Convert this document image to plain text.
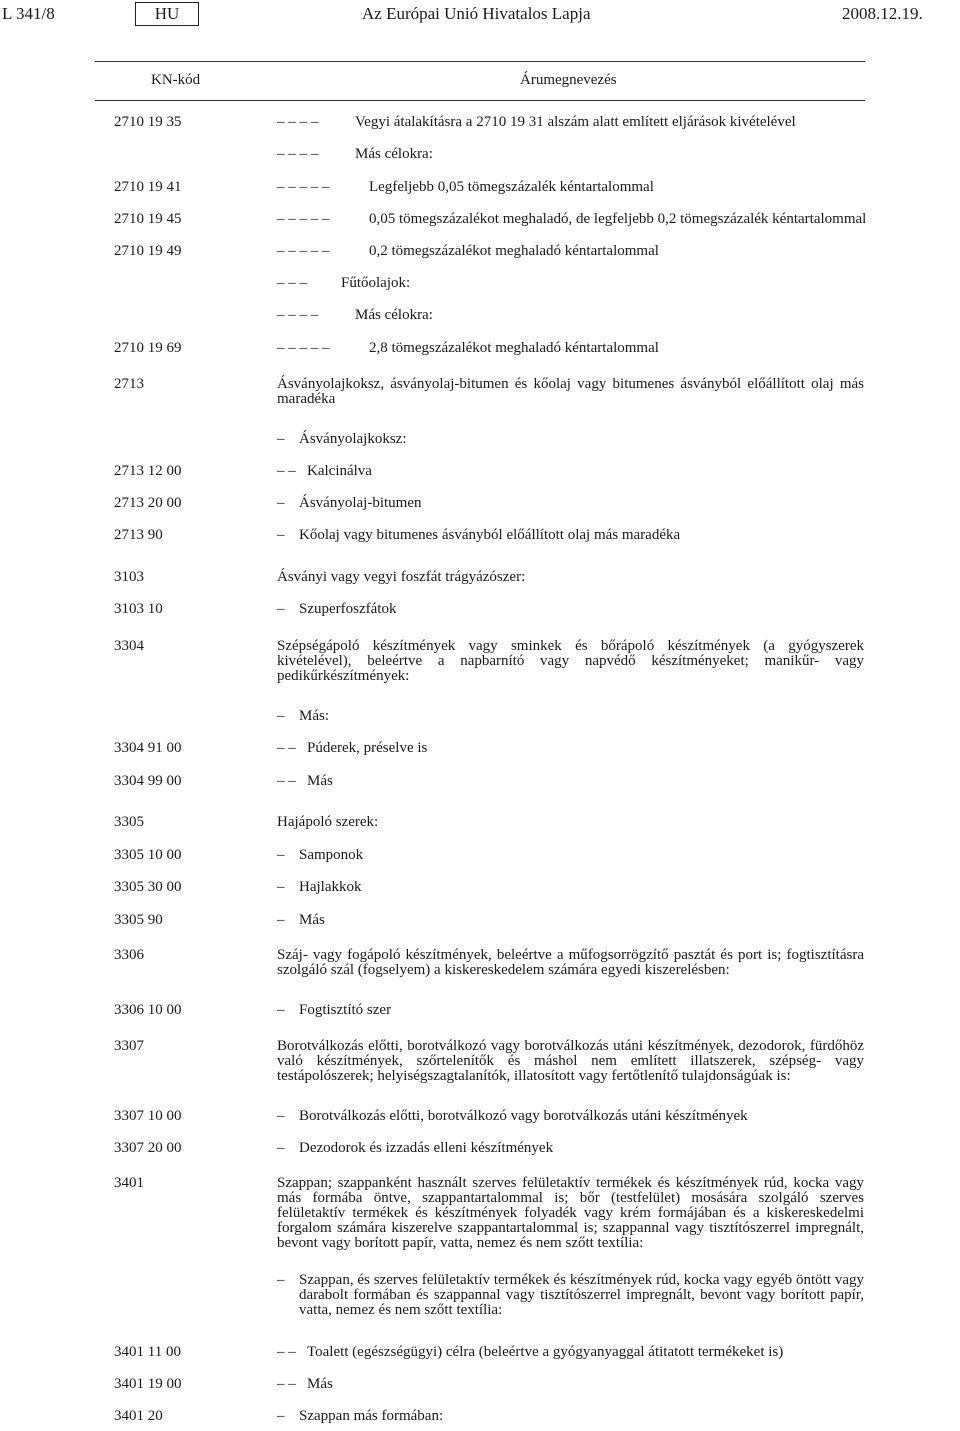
L 341/8	HU	Az Európai Unió Hivatalos Lapja	2008.12.19.
KN-kód	Árumegnevezés
2710 19 35	– – – – Vegyi átalakításra a 2710 19 31 alszám alatt említett eljárások kivételével
– – – – Más célokra:
2710 19 41	– – – – –	Legfeljebb 0,05 tömegszázalék kéntartalommal
2710 19 45	– – – – –	0,05 tömegszázalékot meghaladó, de legfeljebb 0,2 tömegszázalék kéntartalommal
2710 19 49	– – – – –	0,2 tömegszázalékot meghaladó kéntartalommal
– – – Fűtőolajok:
– – – – Más célokra:
2710 19 69	– – – – –	2,8 tömegszázalékot meghaladó kéntartalommal
2713	Ásványolajkoksz, ásványolaj-bitumen és kőolaj vagy bitumenes ásványból előállított olaj más maradéka
– Ásványolajkoksz:
2713 12 00	– – Kalcinálva
2713 20 00	– Ásványolaj-bitumen
2713 90	– Kőolaj vagy bitumenes ásványból előállított olaj más maradéka
3103	Ásványi vagy vegyi foszfát trágyázószer:
3103 10	– Szuperfoszfátok
3304	Szépségápoló készítmények vagy sminkek és bőrápoló készítmények (a gyógyszerek kivételével), beleértve a napbarnító vagy napvédő készítményeket; manikűr- vagy pedikűrkészítmények:
– Más:
3304 91 00	– – Púderek, préselve is
3304 99 00	– – Más
3305	Hajápoló szerek:
3305 10 00	– Samponok
3305 30 00	– Hajlakkok
3305 90	– Más
3306	Száj- vagy fogápoló készítmények, beleértve a műfogsorrögzítő pasztát és port is; fogtisztításra szolgáló szál (fogselyem) a kiskereskedelem számára egyedi kiszerelésben:
3306 10 00	– Fogtisztító szer
3307	Borotválkozás előtti, borotválkozó vagy borotválkozás utáni készítmények, dezodorok, fürdőhöz való készítmények, szőrtelenítők és máshol nem említett illatszerek, szépség- vagy testápolószerek; helyiségszagtalanítók, illatosított vagy fertőtlenítő tulajdonságúak is:
3307 10 00	– Borotválkozás előtti, borotválkozó vagy borotválkozás utáni készítmények
3307 20 00	– Dezodorok és izzadás elleni készítmények
3401	Szappan; szappanként használt szerves felületaktív termékek és készítmények rúd, kocka vagy más formába öntve, szappantartalommal is; bőr (testfelület) mosására szolgáló szerves felületaktív termékek és készítmények folyadék vagy krém formájában és a kiskereskedelmi forgalom számára kiszerelve szappantartalommal is; szappannal vagy tisztítószerrel impregnált, bevont vagy borított papír, vatta, nemez és nem szőtt textília:
– Szappan, és szerves felületaktív termékek és készítmények rúd, kocka vagy egyéb öntött vagy darabolt formában és szappannal vagy tisztítószerrel impregnált, bevont vagy borított papír, vatta, nemez és nem szőtt textília:
3401 11 00	– – Toalett (egészségügyi) célra (beleértve a gyógyanyaggal átitatott termékeket is)
3401 19 00	– – Más
3401 20	– Szappan más formában:
